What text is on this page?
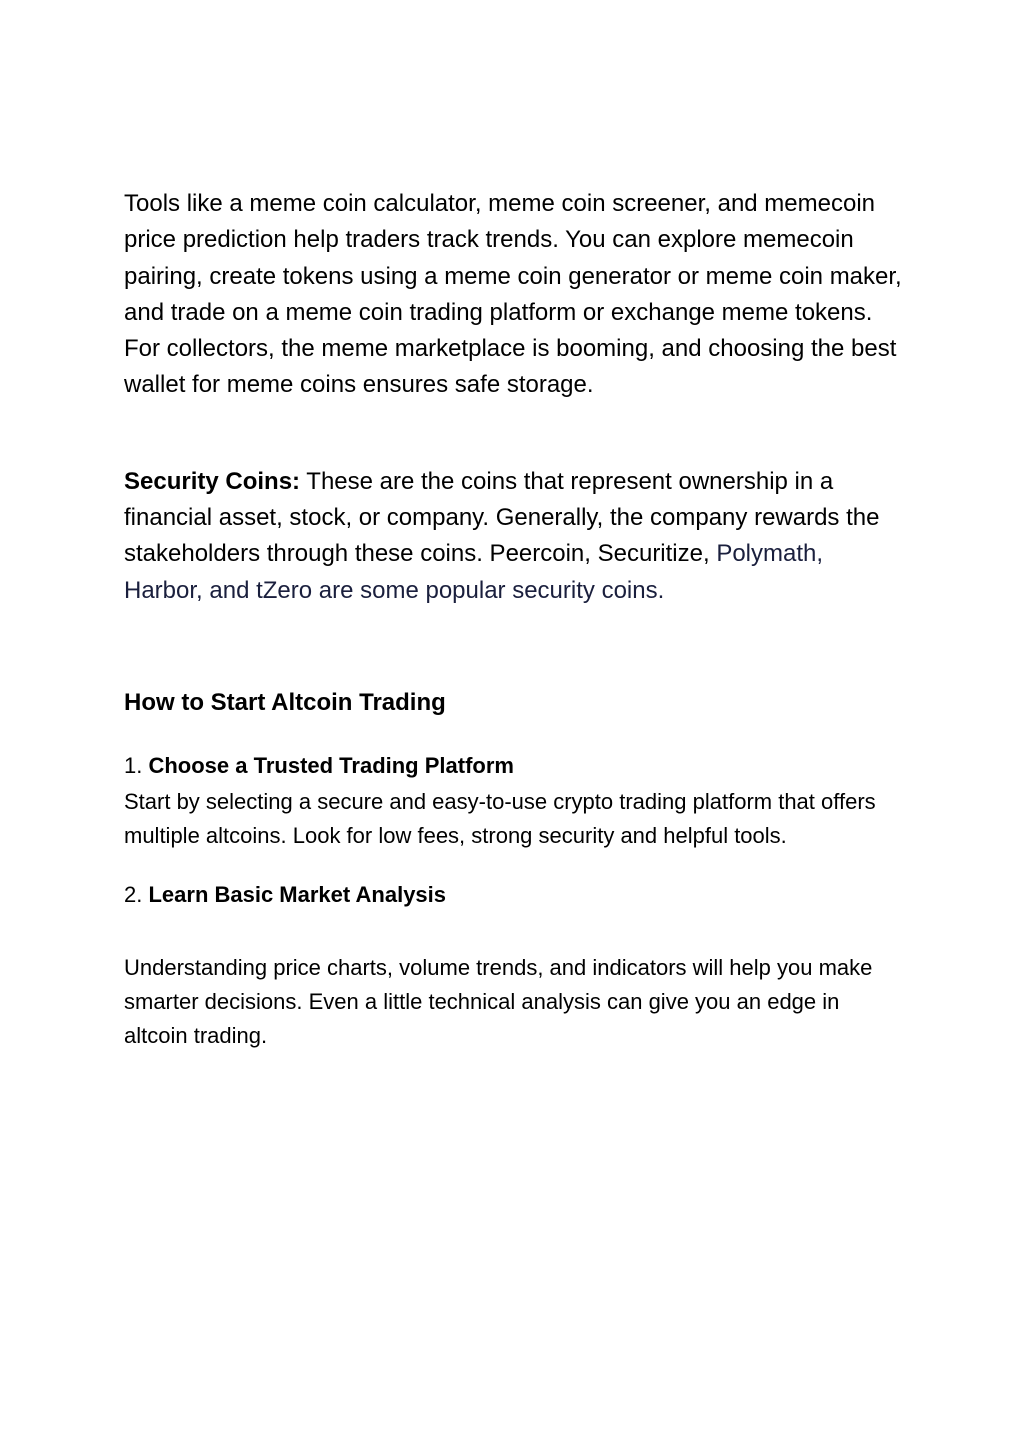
Tools like a meme coin calculator, meme coin screener, and memecoin price prediction help traders track trends. You can explore memecoin pairing, create tokens using a meme coin generator or meme coin maker, and trade on a meme coin trading platform or exchange meme tokens. For collectors, the meme marketplace is booming, and choosing the best wallet for meme coins ensures safe storage.

Security Coins: These are the coins that represent ownership in a financial asset, stock, or company. Generally, the company rewards the stakeholders through these coins. Peercoin, Securitize, Polymath, Harbor, and tZero are some popular security coins.

How to Start Altcoin Trading

1. Choose a Trusted Trading Platform

Start by selecting a secure and easy-to-use crypto trading platform that offers multiple altcoins. Look for low fees, strong security and helpful tools.

2. Learn Basic Market Analysis

Understanding price charts, volume trends, and indicators will help you make smarter decisions. Even a little technical analysis can give you an edge in altcoin trading.
